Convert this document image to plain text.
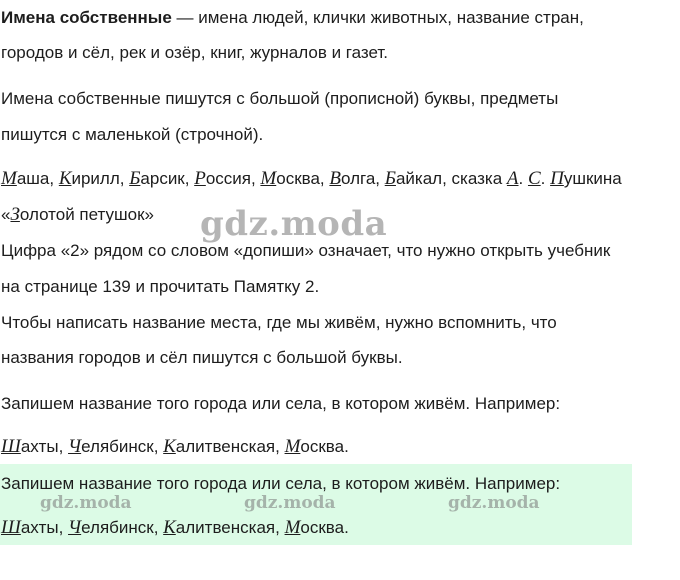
Имена собственные — имена людей, клички животных, название стран,
городов и сёл, рек и озёр, книг, журналов и газет.
Имена собственные пишутся с большой (прописной) буквы, предметы
пишутся с маленькой (строчной).
Маша, Кирилл, Барсик, Россия, Москва, Волга, Байкал, сказка А. С. Пушкина
«Золотой петушок» gdz.moda
Цифра «2» рядом со словом «допиши» означает, что нужно открыть учебник
на странице 139 и прочитать Памятку 2.
Чтобы написать название места, где мы живём, нужно вспомнить, что
названия городов и сёл пишутся с большой буквы.
Запишем название того города или села, в котором живём. Например:
Шахты, Челябинск, Калитвенская, Москва.
Запишем название того города или села, в котором живём. Например:
gdz.moda	gdz.moda	gdz.moda
Шахты, Челябинск, Калитвенская, Москва.
